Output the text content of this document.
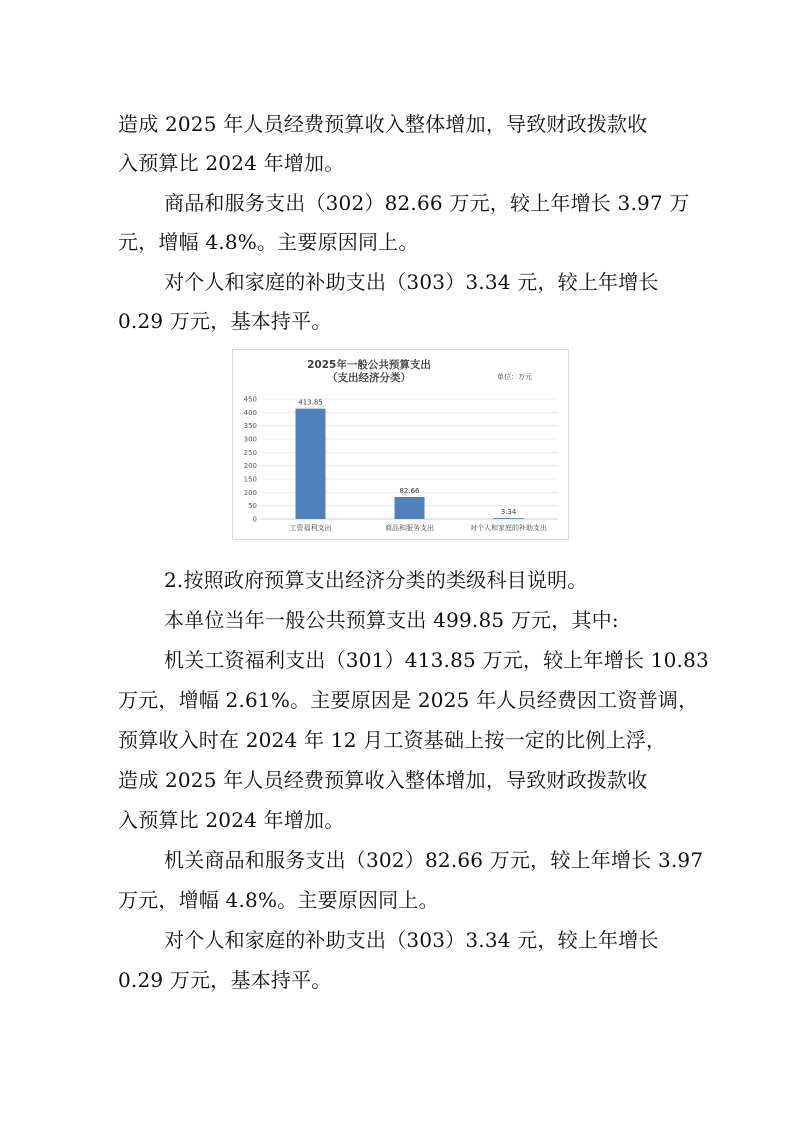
造成 2025 年人员经费预算收入整体增加，导致财政拨款收
入预算比 2024 年增加。
商品和服务支出（302）82.66 万元，较上年增长 3.97 万
元，增幅 4.8%。主要原因同上。
对个人和家庭的补助支出（303）3.34 元，较上年增长
0.29 万元，基本持平。
2025年一般公共预算支出
（支出经济分类）	单位：万元
0
50
100
150
200
250
300
350
400
450	413.85
82.66
3.34
工资福利支出	商品和服务支出	对个人和家庭的补助支出
2.按照政府预算支出经济分类的类级科目说明。
本单位当年一般公共预算支出 499.85 万元，其中:
机关工资福利支出（301）413.85 万元，较上年增长 10.83
万元，增幅 2.61%。主要原因是 2025 年人员经费因工资普调，
预算收入时在 2024 年 12 月工资基础上按一定的比例上浮，
造成 2025 年人员经费预算收入整体增加，导致财政拨款收
入预算比 2024 年增加。
机关商品和服务支出（302）82.66 万元，较上年增长 3.97
万元，增幅 4.8%。主要原因同上。
对个人和家庭的补助支出（303）3.34 元，较上年增长
0.29 万元，基本持平。
